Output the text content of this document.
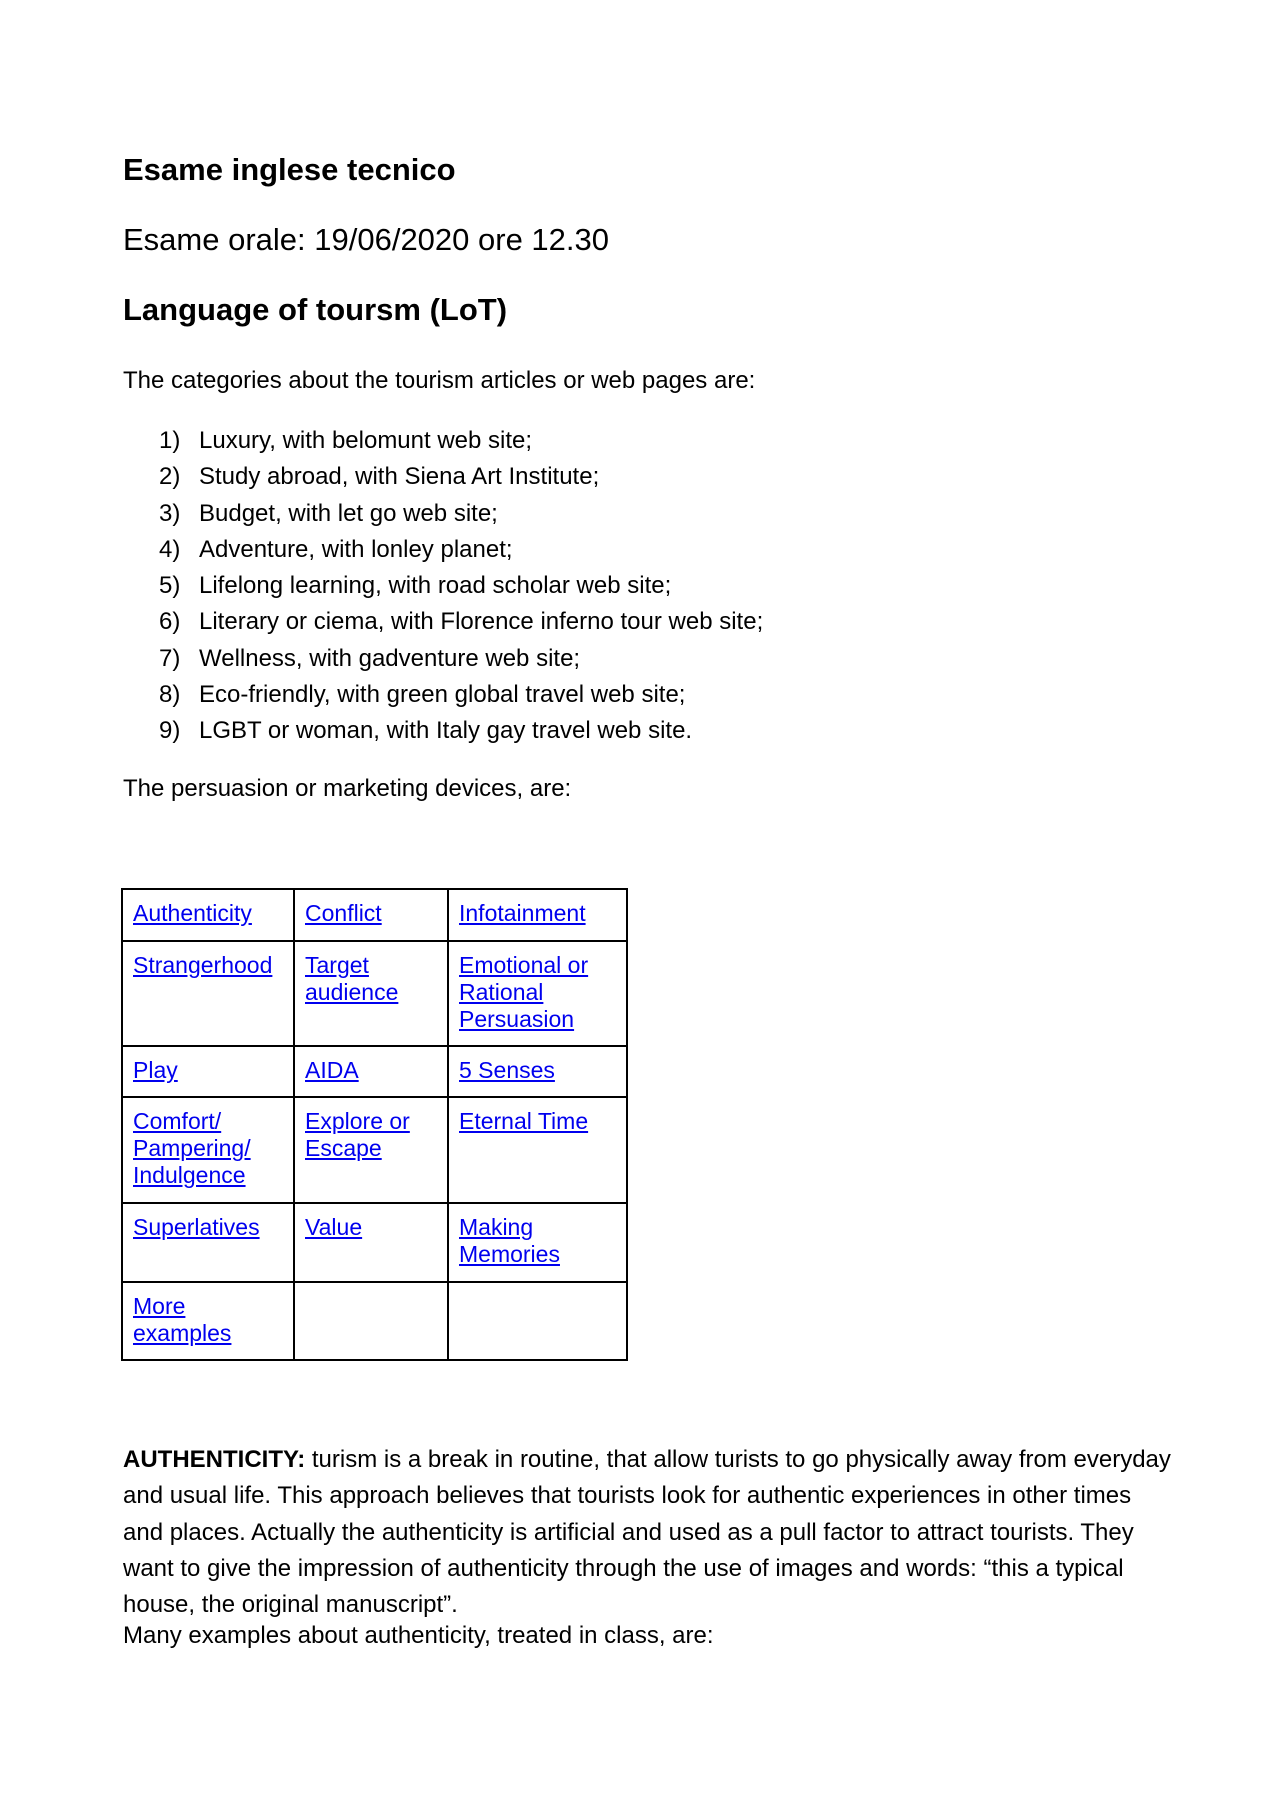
Esame inglese tecnico
Esame orale: 19/06/2020 ore 12.30
Language of toursm (LoT)
The categories about the tourism articles or web pages are:
1) Luxury, with belomunt web site;
2) Study abroad, with Siena Art Institute;
3) Budget, with let go web site;
4) Adventure, with lonley planet;
5) Lifelong learning, with road scholar web site;
6) Literary or ciema, with Florence inferno tour web site;
7) Wellness, with gadventure web site;
8) Eco-friendly, with green global travel web site;
9) LGBT or woman, with Italy gay travel web site.
The persuasion or marketing devices, are:
Authenticity	Conflict	Infotainment
Strangerhood	Target audience	Emotional or Rational Persuasion
Play	AIDA	5 Senses
Comfort/ Pampering/ Indulgence	Explore or Escape	Eternal Time
Superlatives	Value	Making Memories
More examples		

AUTHENTICITY: turism is a break in routine, that allow turists to go physically away from everyday and usual life. This approach believes that tourists look for authentic experiences in other times and places. Actually the authenticity is artificial and used as a pull factor to attract tourists. They want to give the impression of authenticity through the use of images and words: “this a typical house, the original manuscript”.

Many examples about authenticity, treated in class, are:
